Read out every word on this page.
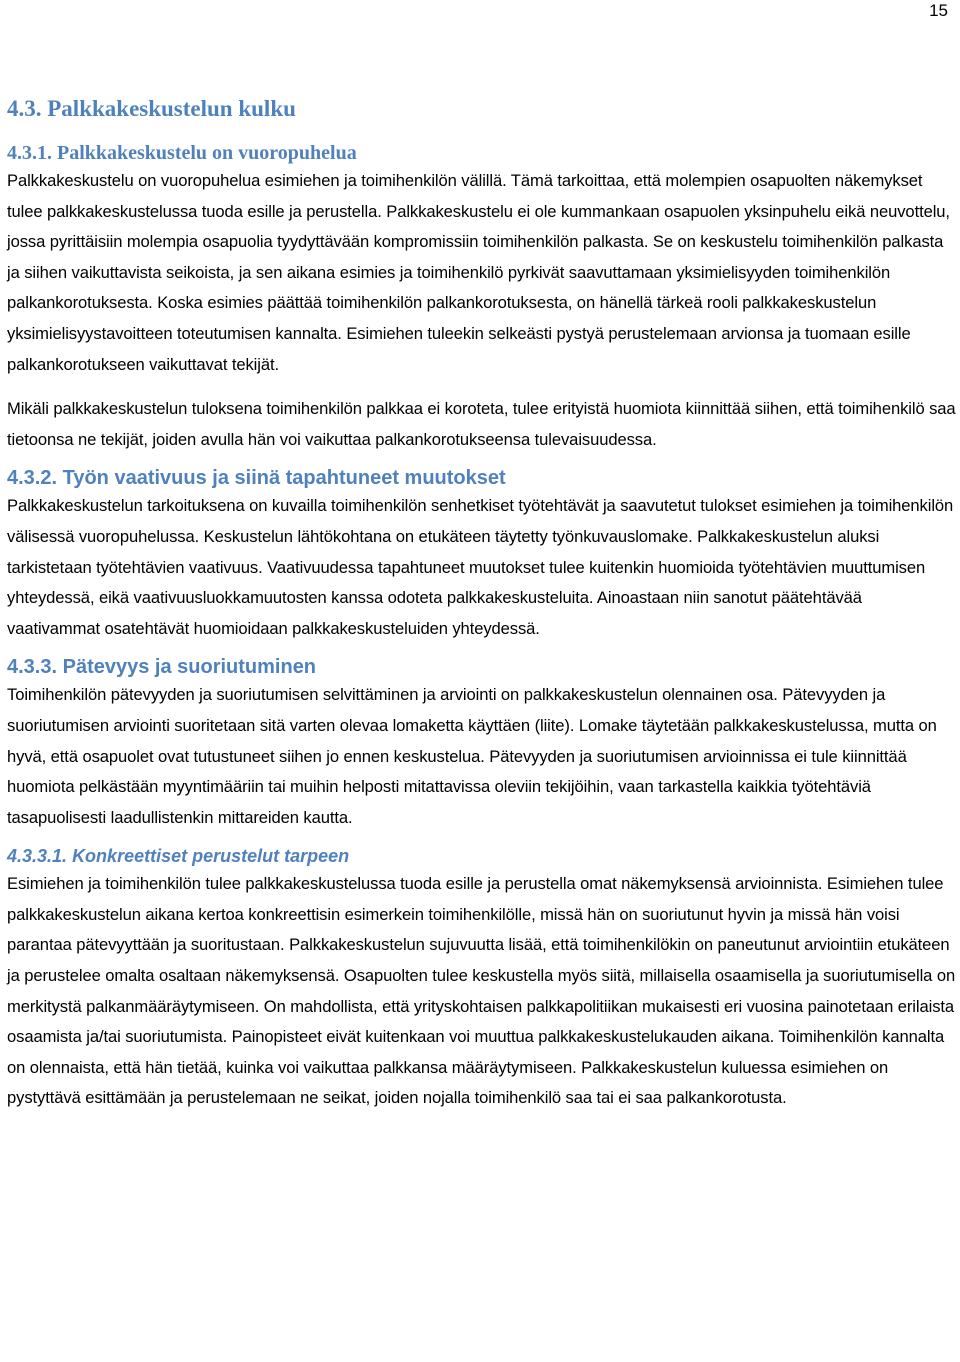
15
4.3. Palkkakeskustelun kulku
4.3.1. Palkkakeskustelu on vuoropuhelua

Palkkakeskustelu on vuoropuhelua esimiehen ja toimihenkilön välillä. Tämä tarkoittaa, että molempien osapuolten näkemykset tulee palkkakeskustelussa tuoda esille ja perustella. Palkkakeskustelu ei ole kummankaan osapuolen yksinpuhelu eikä neuvottelu, jossa pyrittäisiin molempia osapuolia tyydyttävään kompromissiin toimihenkilön palkasta. Se on keskustelu toimihenkilön palkasta ja siihen vaikuttavista seikoista, ja sen aikana esimies ja toimihenkilö pyrkivät saavuttamaan yksimielisyyden toimihenkilön palkankorotuksesta. Koska esimies päättää toimihenkilön palkankorotuksesta, on hänellä tärkeä rooli palkkakeskustelun yksimielisyystavoitteen toteutumisen kannalta. Esimiehen tuleekin selkeästi pystyä perustelemaan arvionsa ja tuomaan esille palkankorotukseen vaikuttavat tekijät.

Mikäli palkkakeskustelun tuloksena toimihenkilön palkkaa ei koroteta, tulee erityistä huomiota kiinnittää siihen, että toimihenkilö saa tietoonsa ne tekijät, joiden avulla hän voi vaikuttaa palkankorotukseensa tulevaisuudessa.

4.3.2. Työn vaativuus ja siinä tapahtuneet muutokset

Palkkakeskustelun tarkoituksena on kuvailla toimihenkilön senhetkiset työtehtävät ja saavutetut tulokset esimiehen ja toimihenkilön välisessä vuoropuhelussa. Keskustelun lähtökohtana on etukäteen täytetty työnkuvauslomake. Palkkakeskustelun aluksi tarkistetaan työtehtävien vaativuus. Vaativuudessa tapahtuneet muutokset tulee kuitenkin huomioida työtehtävien muuttumisen yhteydessä, eikä vaativuusluokkamuutosten kanssa odoteta palkkakeskusteluita. Ainoastaan niin sanotut päätehtävää vaativammat osatehtävät huomioidaan palkkakeskusteluiden yhteydessä.

4.3.3. Pätevyys ja suoriutuminen

Toimihenkilön pätevyyden ja suoriutumisen selvittäminen ja arviointi on palkkakeskustelun olennainen osa. Pätevyyden ja suoriutumisen arviointi suoritetaan sitä varten olevaa lomaketta käyttäen (liite). Lomake täytetään palkkakeskustelussa, mutta on hyvä, että osapuolet ovat tutustuneet siihen jo ennen keskustelua. Pätevyyden ja suoriutumisen arvioinnissa ei tule kiinnittää huomiota pelkästään myyntimääriin tai muihin helposti mitattavissa oleviin tekijöihin, vaan tarkastella kaikkia työtehtäviä tasapuolisesti laadullistenkin mittareiden kautta.

4.3.3.1. Konkreettiset perustelut tarpeen

Esimiehen ja toimihenkilön tulee palkkakeskustelussa tuoda esille ja perustella omat näkemyksensä arvioinnista. Esimiehen tulee palkkakeskustelun aikana kertoa konkreettisin esimerkein toimihenkilölle, missä hän on suoriutunut hyvin ja missä hän voisi parantaa pätevyyttään ja suoritustaan. Palkkakeskustelun sujuvuutta lisää, että toimihenkilökin on paneutunut arviointiin etukäteen ja perustelee omalta osaltaan näkemyksensä. Osapuolten tulee keskustella myös siitä, millaisella osaamisella ja suoriutumisella on merkitystä palkanmääräytymiseen. On mahdollista, että yrityskohtaisen palkkapolitiikan mukaisesti eri vuosina painotetaan erilaista osaamista ja/tai suoriutumista. Painopisteet eivät kuitenkaan voi muuttua palkkakeskustelukauden aikana. Toimihenkilön kannalta on olennaista, että hän tietää, kuinka voi vaikuttaa palkkansa määräytymiseen. Palkkakeskustelun kuluessa esimiehen on pystyttävä esittämään ja perustelemaan ne seikat, joiden nojalla toimihenkilö saa tai ei saa palkankorotusta.
